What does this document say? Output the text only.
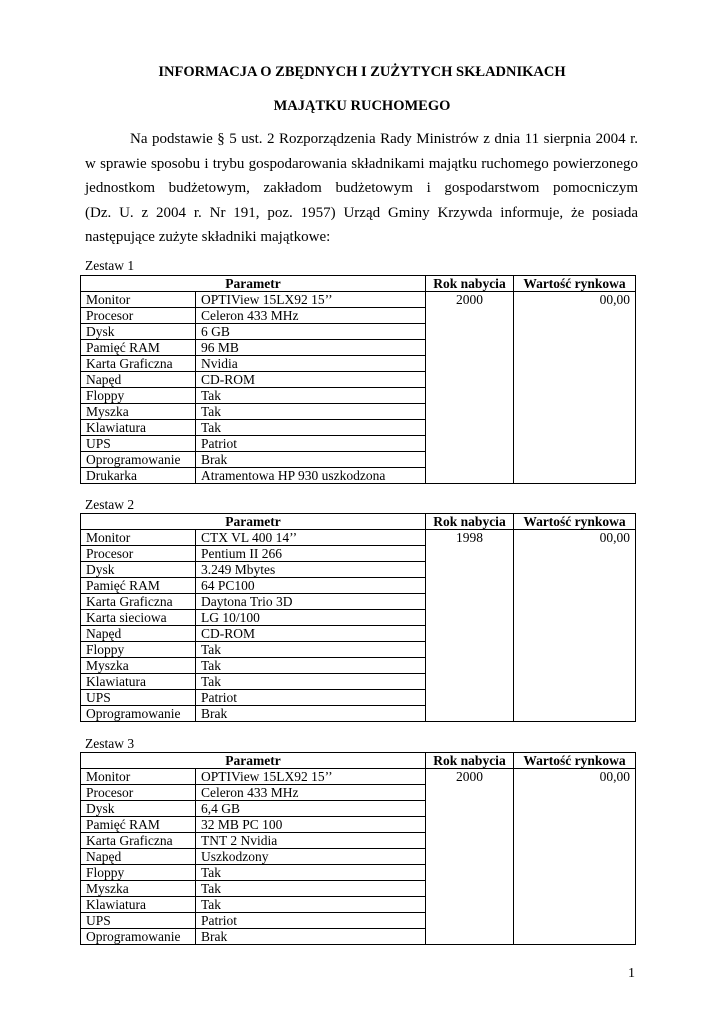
INFORMACJA O ZBĘDNYCH I ZUŻYTYCH SKŁADNIKACH
MAJĄTKU RUCHOMEGO
Na podstawie § 5 ust. 2 Rozporządzenia Rady Ministrów z dnia 11 sierpnia 2004 r.
w sprawie sposobu i trybu gospodarowania składnikami majątku ruchomego powierzonego
jednostkom budżetowym, zakładom budżetowym i gospodarstwom pomocniczym
(Dz. U. z 2004 r. Nr 191, poz. 1957) Urząd Gminy Krzywda informuje, że posiada
następujące zużyte składniki majątkowe:
Zestaw 1
Parametr		Rok nabycia	Wartość rynkowa
Monitor	OPTIView 15LX92 15’’	2000	00,00
Procesor	Celeron 433 MHz		
Dysk	6 GB		
Pamięć RAM	96 MB		
Karta Graficzna	Nvidia		
Napęd	CD-ROM		
Floppy	Tak		
Myszka	Tak		
Klawiatura	Tak		
UPS	Patriot		
Oprogramowanie	Brak		
Drukarka	Atramentowa HP 930 uszkodzona		
Zestaw 2
Parametr		Rok nabycia	Wartość rynkowa
Monitor	CTX VL 400 14’’	1998	00,00
Procesor	Pentium II 266		
Dysk	3.249 Mbytes		
Pamięć RAM	64 PC100		
Karta Graficzna	Daytona Trio 3D		
Karta sieciowa	LG 10/100		
Napęd	CD-ROM		
Floppy	Tak		
Myszka	Tak		
Klawiatura	Tak		
UPS	Patriot		
Oprogramowanie	Brak		
Zestaw 3
Parametr		Rok nabycia	Wartość rynkowa
Monitor	OPTIView 15LX92 15’’	2000	00,00
Procesor	Celeron 433 MHz		
Dysk	6,4 GB		
Pamięć RAM	32 MB PC 100		
Karta Graficzna	TNT 2 Nvidia		
Napęd	Uszkodzony		
Floppy	Tak		
Myszka	Tak		
Klawiatura	Tak		
UPS	Patriot		
Oprogramowanie	Brak		
1
